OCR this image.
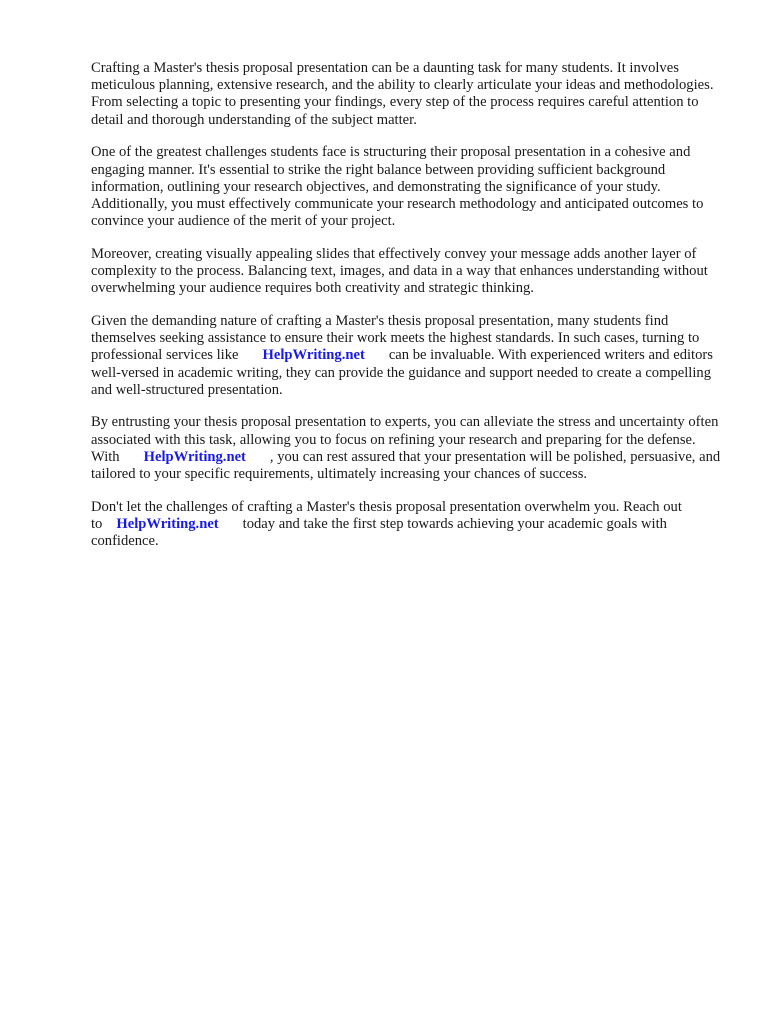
Crafting a Master's thesis proposal presentation can be a daunting task for many students. It involves meticulous planning, extensive research, and the ability to clearly articulate your ideas and methodologies. From selecting a topic to presenting your findings, every step of the process requires careful attention to detail and thorough understanding of the subject matter.

One of the greatest challenges students face is structuring their proposal presentation in a cohesive and engaging manner. It's essential to strike the right balance between providing sufficient background information, outlining your research objectives, and demonstrating the significance of your study. Additionally, you must effectively communicate your research methodology and anticipated outcomes to convince your audience of the merit of your project.

Moreover, creating visually appealing slides that effectively convey your message adds another layer of complexity to the process. Balancing text, images, and data in a way that enhances understanding without overwhelming your audience requires both creativity and strategic thinking.

Given the demanding nature of crafting a Master's thesis proposal presentation, many students find themselves seeking assistance to ensure their work meets the highest standards. In such cases, turning to professional services like HelpWriting.net can be invaluable. With experienced writers and editors well-versed in academic writing, they can provide the guidance and support needed to create a compelling and well-structured presentation.

By entrusting your thesis proposal presentation to experts, you can alleviate the stress and uncertainty often associated with this task, allowing you to focus on refining your research and preparing for the defense. With HelpWriting.net , you can rest assured that your presentation will be polished, persuasive, and tailored to your specific requirements, ultimately increasing your chances of success.

Don't let the challenges of crafting a Master's thesis proposal presentation overwhelm you. Reach out to HelpWriting.net today and take the first step towards achieving your academic goals with confidence.
